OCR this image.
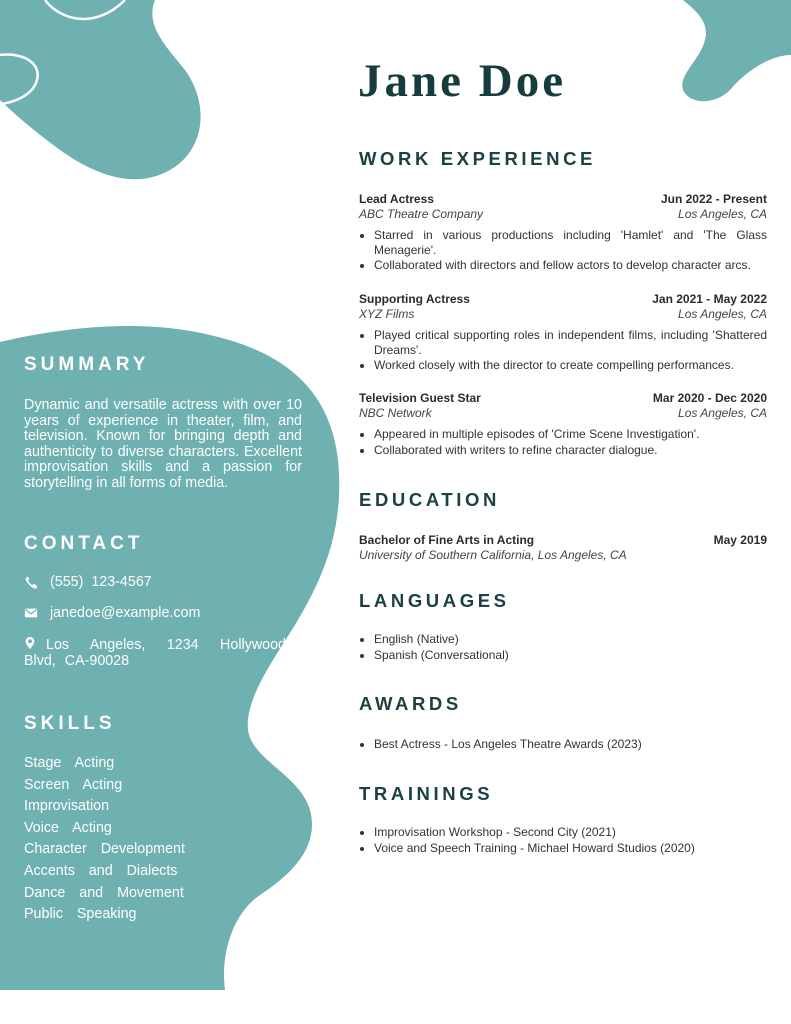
SUMMARY

Dynamic and versatile actress with over 10 years of experience in theater, film, and television. Known for bringing depth and authenticity to diverse characters. Excellent improvisation skills and a passion for storytelling in all forms of media.

CONTACT
(555)  123-4567
janedoe@example.com
Los Angeles, 1234 Hollywood Blvd, CA-90028
SKILLS
Stage  Acting
Screen  Acting
Improvisation
Voice  Acting
Character  Development
Accents  and  Dialects
Dance  and  Movement
Public  Speaking
Jane Doe
WORK EXPERIENCE
Lead Actress	Jun 2022 - Present
ABC Theatre Company	Los Angeles, CA
• Starred in various productions including 'Hamlet' and 'The Glass Menagerie'.
• Collaborated with directors and fellow actors to develop character arcs.
Supporting Actress	Jan 2021 - May 2022
XYZ Films	Los Angeles, CA
• Played critical supporting roles in independent films, including 'Shattered Dreams'.
• Worked closely with the director to create compelling performances.
Television Guest Star	Mar 2020 - Dec 2020
NBC Network	Los Angeles, CA
• Appeared in multiple episodes of 'Crime Scene Investigation'.
• Collaborated with writers to refine character dialogue.
EDUCATION
Bachelor of Fine Arts in Acting	May 2019
University of Southern California, Los Angeles, CA
LANGUAGES
• English (Native)
• Spanish (Conversational)
AWARDS
• Best Actress - Los Angeles Theatre Awards (2023)
TRAININGS
• Improvisation Workshop - Second City (2021)
• Voice and Speech Training - Michael Howard Studios (2020)
